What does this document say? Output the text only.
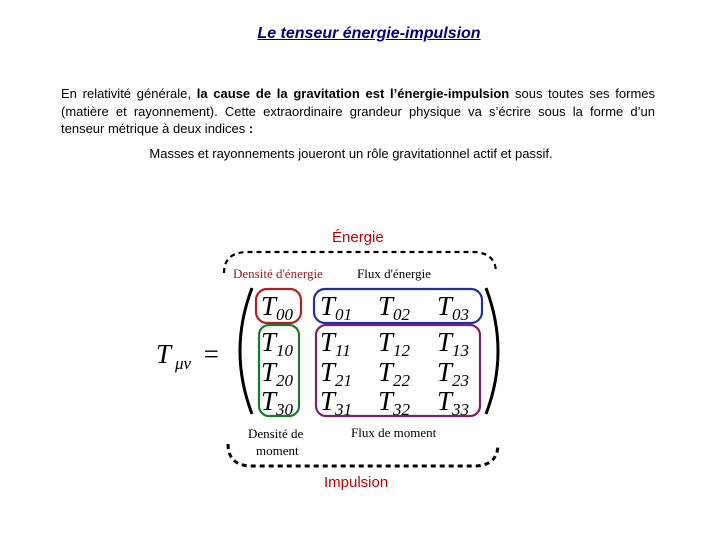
Le tenseur énergie-impulsion
En relativité générale, la cause de la gravitation est l’énergie-impulsion sous toutes ses formes (matière et rayonnement). Cette extraordinaire grandeur physique va s’écrire sous la forme d’un tenseur métrique à deux indices :
Masses et rayonnements joueront un rôle gravitationnel actif et passif.
Énergie
Densité d'énergie	Flux d'énergie
Densité de
moment
Flux de moment
Impulsion
T μν =
T00 T01 T02 T03
T10 T11 T12 T13
T20 T21 T22 T23
T30 T31 T32 T33
